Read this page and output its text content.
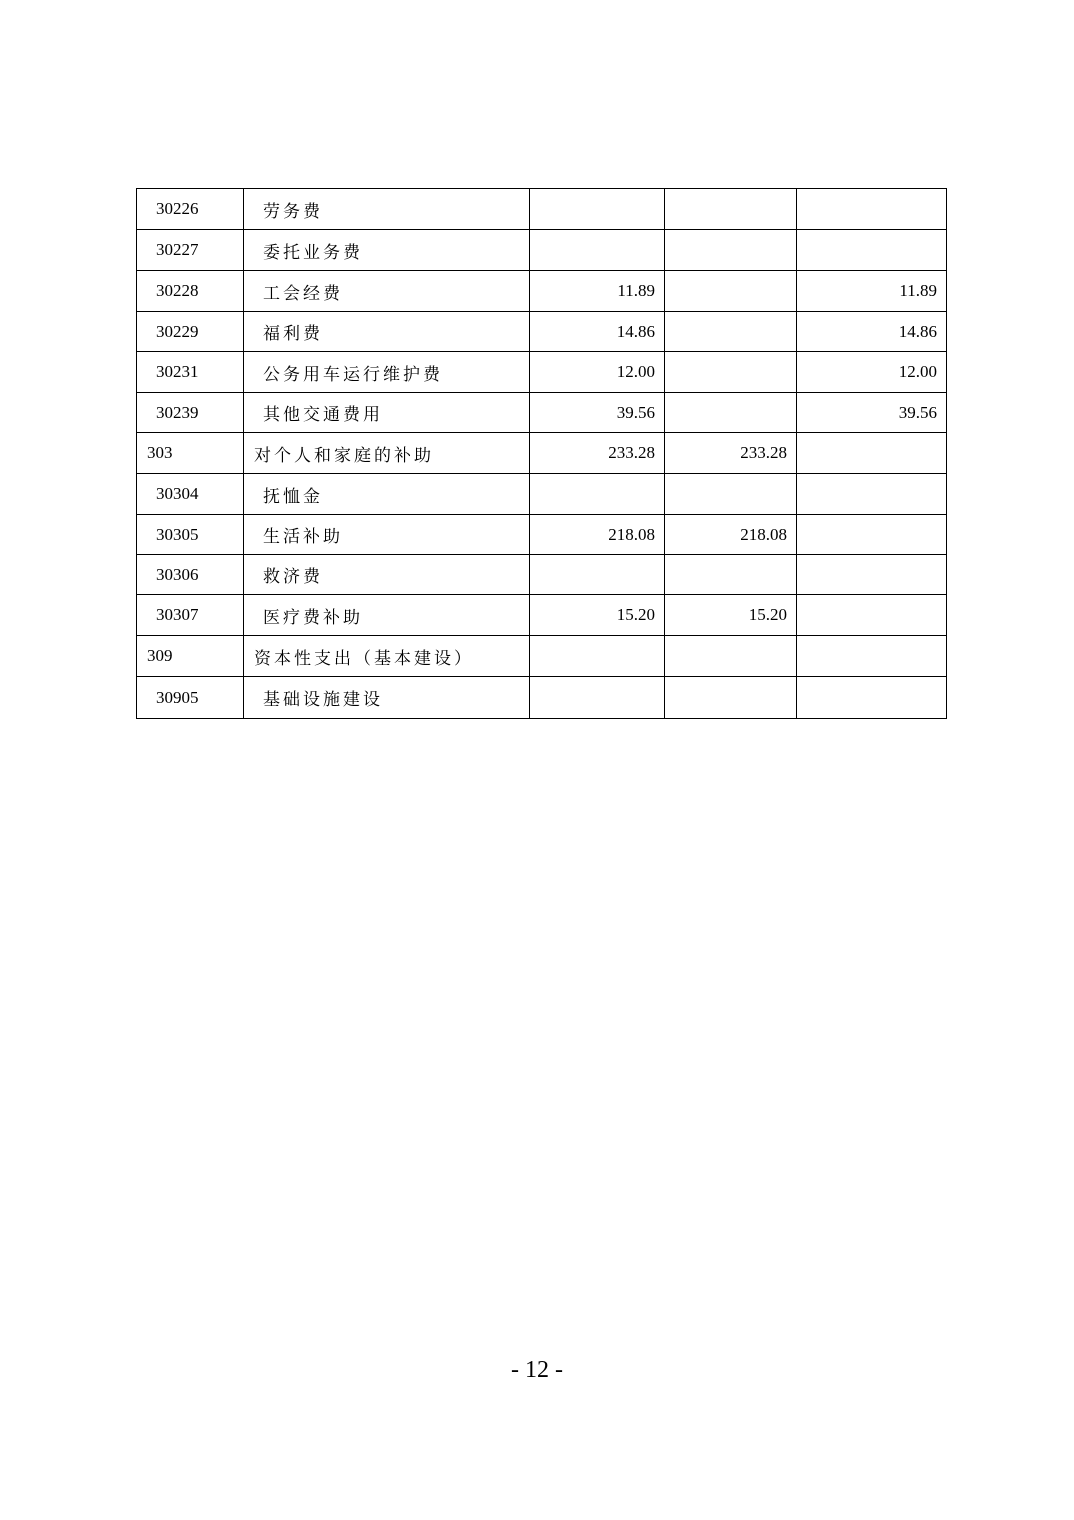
30226	劳务费			
30227	委托业务费			
30228	工会经费	11.89		11.89
30229	福利费	14.86		14.86
30231	公务用车运行维护费	12.00		12.00
30239	其他交通费用	39.56		39.56
303	对个人和家庭的补助	233.28	233.28	
30304	抚恤金			
30305	生活补助	218.08	218.08	
30306	救济费			
30307	医疗费补助	15.20	15.20	
309	资本性支出（基本建设）			
30905	基础设施建设			
- 12 -
